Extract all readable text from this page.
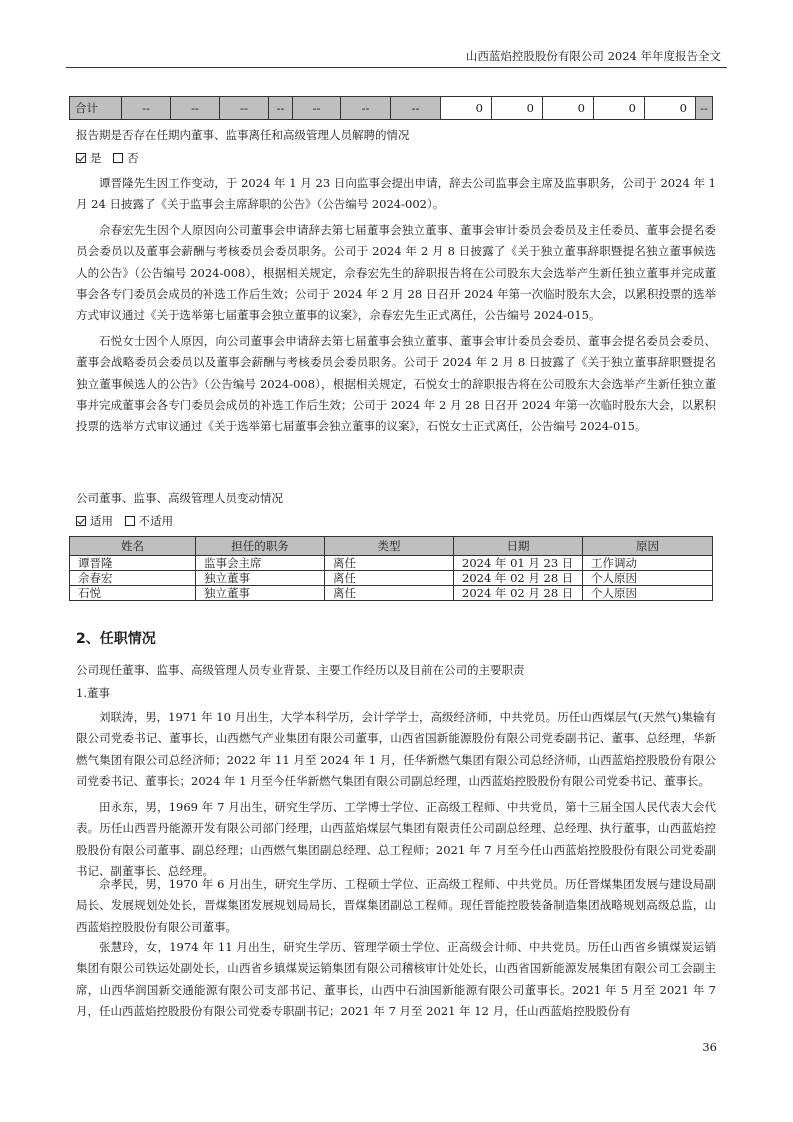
山西蓝焰控股股份有限公司 2024 年年度报告全文
合计	--	--	--	--	--	--	--	0	0	0	0	0	--
报告期是否存在任期内董事、监事离任和高级管理人员解聘的情况
是 否

谭晋隆先生因工作变动，于 2024 年 1 月 23 日向监事会提出申请，辞去公司监事会主席及监事职务，公司于 2024 年 1 月 24 日披露了《关于监事会主席辞职的公告》（公告编号 2024-002）。

佘春宏先生因个人原因向公司董事会申请辞去第七届董事会独立董事、董事会审计委员会委员及主任委员、董事会提名委员会委员以及董事会薪酬与考核委员会委员职务。公司于 2024 年 2 月 8 日披露了《关于独立董事辞职暨提名独立董事候选人的公告》（公告编号 2024-008），根据相关规定，佘春宏先生的辞职报告将在公司股东大会选举产生新任独立董事并完成董事会各专门委员会成员的补选工作后生效；公司于 2024 年 2 月 28 日召开 2024 年第一次临时股东大会，以累积投票的选举方式审议通过《关于选举第七届董事会独立董事的议案》，佘春宏先生正式离任，公告编号 2024-015。

石悦女士因个人原因，向公司董事会申请辞去第七届董事会独立董事、董事会审计委员会委员、董事会提名委员会委员、董事会战略委员会委员以及董事会薪酬与考核委员会委员职务。公司于 2024 年 2 月 8 日披露了《关于独立董事辞职暨提名独立董事候选人的公告》（公告编号 2024-008），根据相关规定，石悦女士的辞职报告将在公司股东大会选举产生新任独立董事并完成董事会各专门委员会成员的补选工作后生效；公司于 2024 年 2 月 28 日召开 2024 年第一次临时股东大会，以累积投票的选举方式审议通过《关于选举第七届董事会独立董事的议案》，石悦女士正式离任，公告编号 2024-015。

公司董事、监事、高级管理人员变动情况
适用 不适用
姓名	担任的职务	类型	日期	原因
谭晋隆	监事会主席	离任	2024 年 01 月 23 日	工作调动
佘春宏	独立董事	离任	2024 年 02 月 28 日	个人原因
石悦	独立董事	离任	2024 年 02 月 28 日	个人原因
2、任职情况
公司现任董事、监事、高级管理人员专业背景、主要工作经历以及目前在公司的主要职责
1.董事

刘联涛，男，1971 年 10 月出生，大学本科学历，会计学学士，高级经济师，中共党员。历任山西煤层气(天然气)集输有限公司党委书记、董事长，山西燃气产业集团有限公司董事，山西省国新能源股份有限公司党委副书记、董事、总经理，华新燃气集团有限公司总经济师；2022 年 11 月至 2024 年 1 月，任华新燃气集团有限公司总经济师，山西蓝焰控股股份有限公司党委书记、董事长；2024 年 1 月至今任华新燃气集团有限公司副总经理，山西蓝焰控股股份有限公司党委书记、董事长。

田永东，男，1969 年 7 月出生，研究生学历、工学博士学位、正高级工程师、中共党员，第十三届全国人民代表大会代表。历任山西晋丹能源开发有限公司部门经理，山西蓝焰煤层气集团有限责任公司副总经理、总经理、执行董事，山西蓝焰控股股份有限公司董事、副总经理；山西燃气集团副总经理、总工程师；2021 年 7 月至今任山西蓝焰控股股份有限公司党委副书记、副董事长、总经理。

佘孝民，男，1970 年 6 月出生，研究生学历、工程硕士学位、正高级工程师、中共党员。历任晋煤集团发展与建设局副局长、发展规划处处长，晋煤集团发展规划局局长，晋煤集团副总工程师。现任晋能控股装备制造集团战略规划高级总监，山西蓝焰控股股份有限公司董事。

张慧玲，女，1974 年 11 月出生，研究生学历、管理学硕士学位、正高级会计师、中共党员。历任山西省乡镇煤炭运销集团有限公司铁运处副处长，山西省乡镇煤炭运销集团有限公司稽核审计处处长，山西省国新能源发展集团有限公司工会副主席，山西华润国新交通能源有限公司支部书记、董事长，山西中石油国新能源有限公司董事长。2021 年 5 月至 2021 年 7 月，任山西蓝焰控股股份有限公司党委专职副书记；2021 年 7 月至 2021 年 12 月，任山西蓝焰控股股份有

36
